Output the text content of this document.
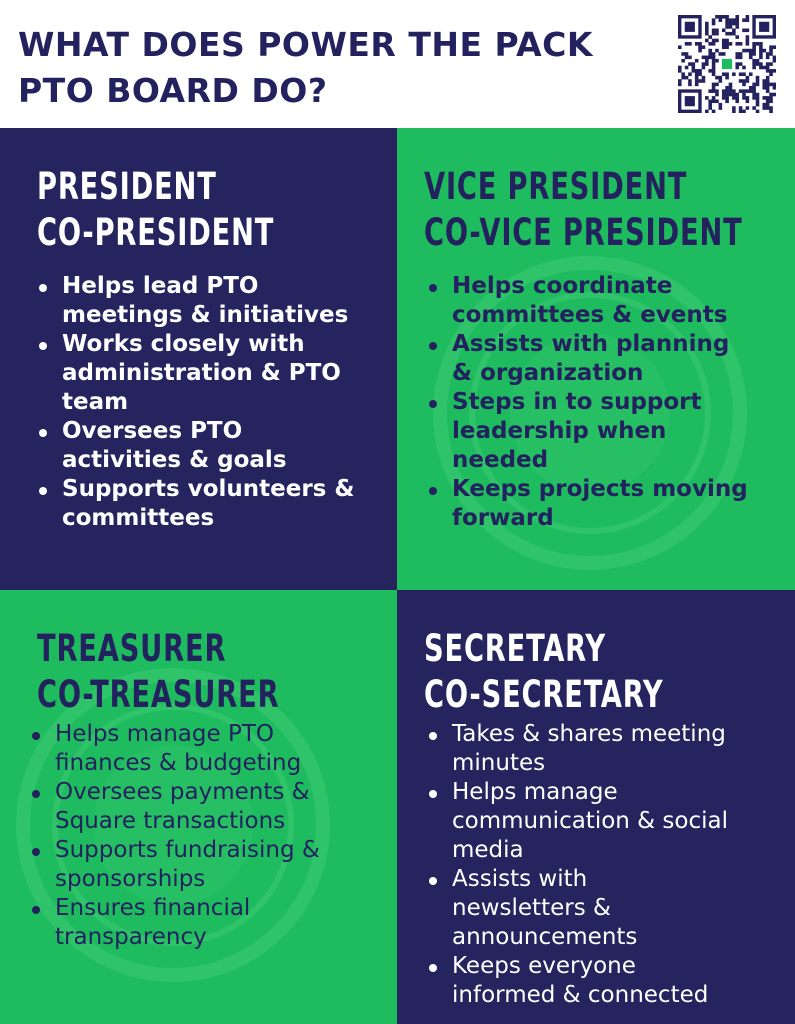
WHAT DOES POWER THE PACK
PTO BOARD DO?
PRESIDENT
CO-PRESIDENT
Helps lead PTO
meetings & initiatives
Works closely with
administration & PTO
team
Oversees PTO
activities & goals
Supports volunteers &
committees
VICE PRESIDENT
CO-VICE PRESIDENT
Helps coordinate
committees & events
Assists with planning
& organization
Steps in to support
leadership when
needed
Keeps projects moving
forward
TREASURER
CO-TREASURER
Helps manage PTO
finances & budgeting
Oversees payments &
Square transactions
Supports fundraising &
sponsorships
Ensures financial
transparency
SECRETARY
CO-SECRETARY
Takes & shares meeting
minutes
Helps manage
communication & social
media
Assists with
newsletters &
announcements
Keeps everyone
informed & connected
